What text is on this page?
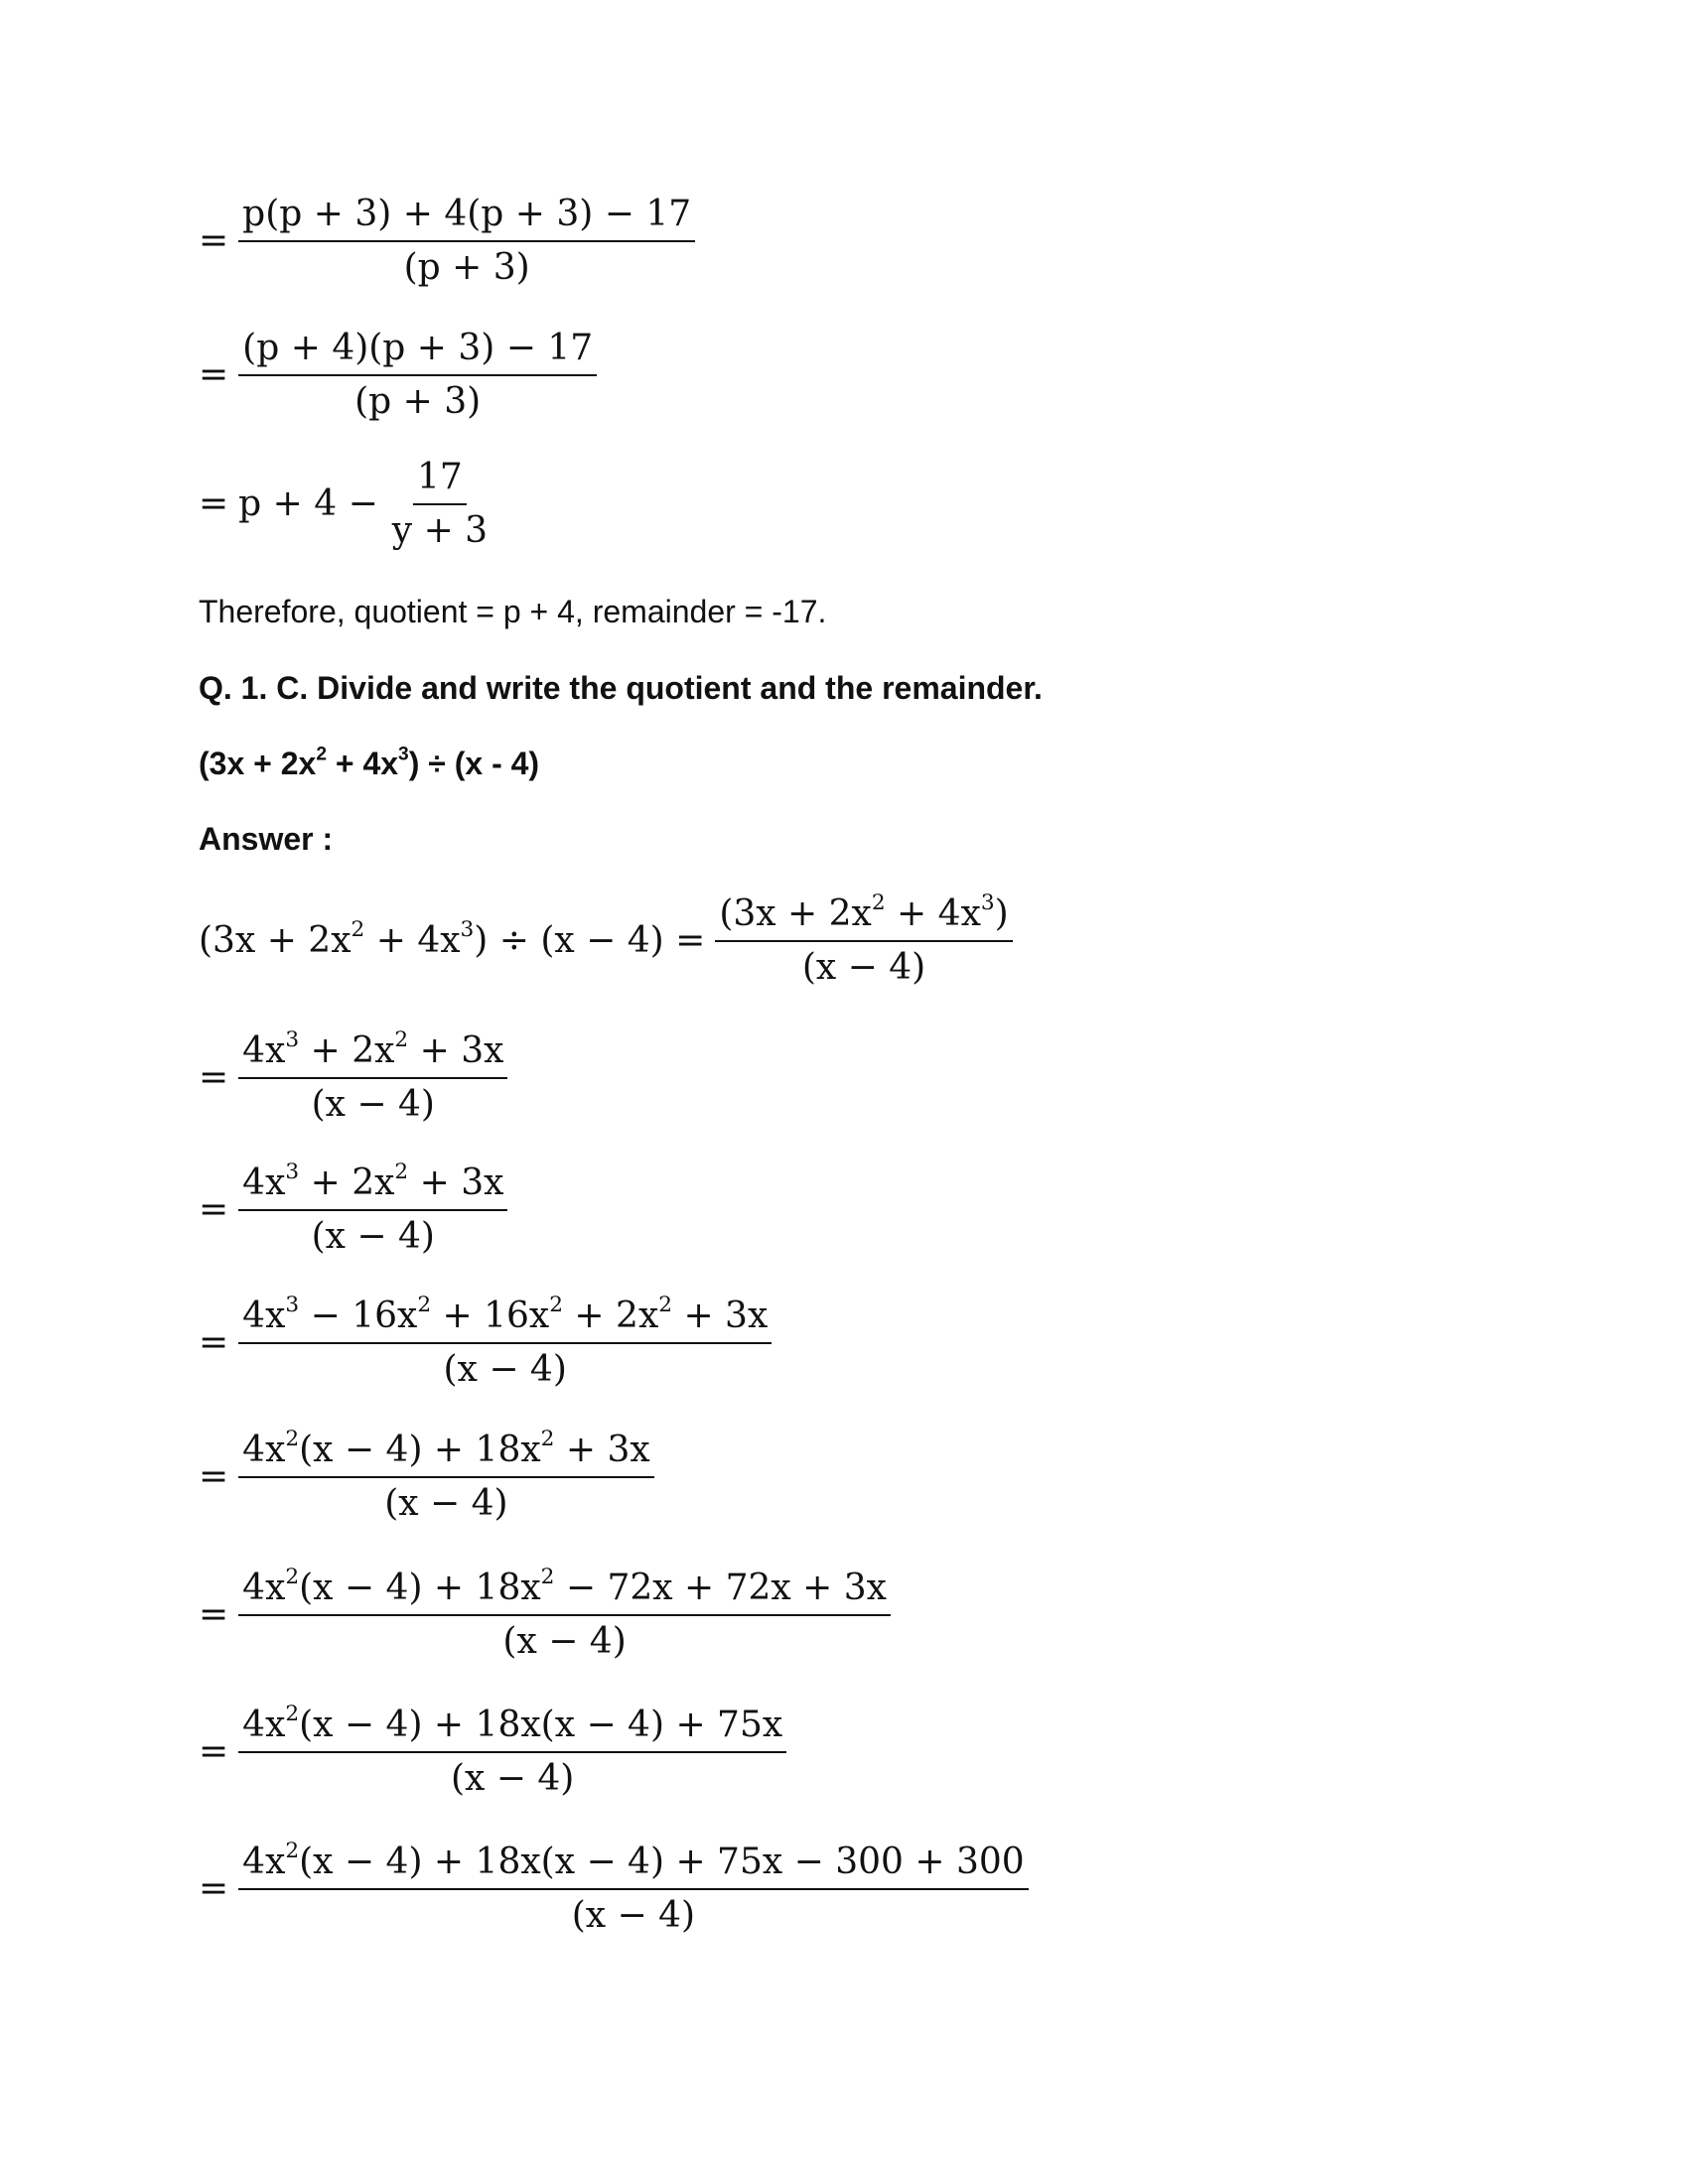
= $\frac{p(p + 3) + 4(p + 3) - 17}{(p + 3)}$
= $\frac{(p + 4)(p + 3) - 17}{(p + 3)}$
= $p + 4 - \frac{17}{y + 3}$
Therefore, quotient = p + 4, remainder = -17.
Q. 1. C. Divide and write the quotient and the remainder.
$(3x + 2x^2 + 4x^3) \div (x - 4)$
Answer :
$(3x + 2x^2 + 4x^3) \div (x - 4) = \frac{(3x + 2x^2 + 4x^3)}{(x - 4)}$
= $\frac{4x^3 + 2x^2 + 3x}{(x - 4)}$
= $\frac{4x^3 + 2x^2 + 3x}{(x - 4)}$
= $\frac{4x^3 - 16x^2 + 16x^2 + 2x^2 + 3x}{(x - 4)}$
= $\frac{4x^2(x - 4) + 18x^2 + 3x}{(x - 4)}$
= $\frac{4x^2(x - 4) + 18x^2 - 72x + 72x + 3x}{(x - 4)}$
= $\frac{4x^2(x - 4) + 18x(x - 4) + 75x}{(x - 4)}$
= $\frac{4x^2(x - 4) + 18x(x - 4) + 75x - 300 + 300}{(x - 4)}$
